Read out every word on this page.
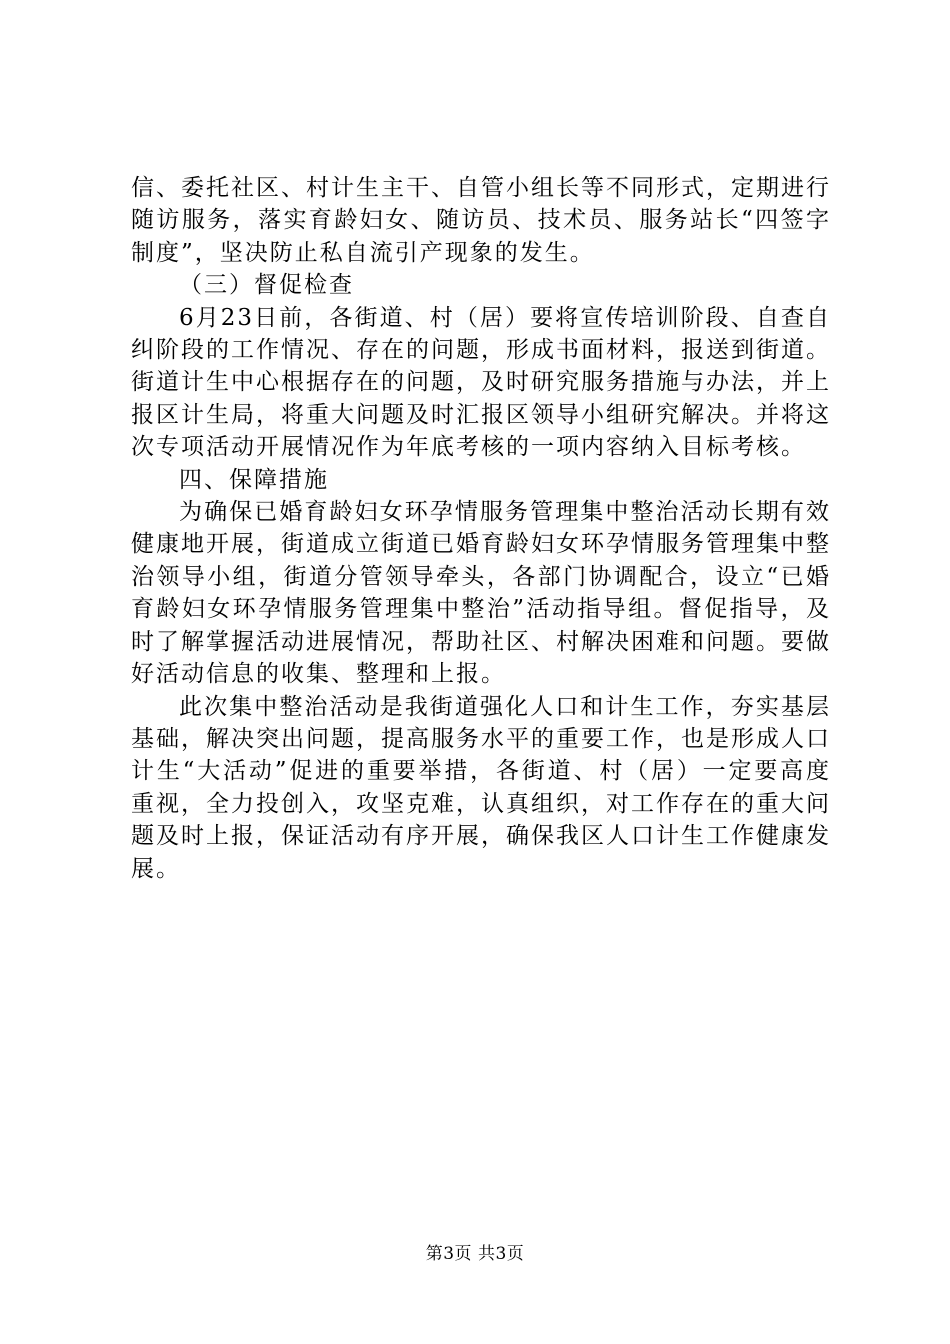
信、委托社区、村计生主干、自管小组长等不同形式，定期进行随访服务，落实育龄妇女、随访员、技术员、服务站长“四签字制度”，坚决防止私自流引产现象的发生。

（三）督促检查

6月23日前，各街道、村（居）要将宣传培训阶段、自查自纠阶段的工作情况、存在的问题，形成书面材料，报送到街道。街道计生中心根据存在的问题，及时研究服务措施与办法，并上报区计生局，将重大问题及时汇报区领导小组研究解决。并将这次专项活动开展情况作为年底考核的一项内容纳入目标考核。

四、保障措施

为确保已婚育龄妇女环孕情服务管理集中整治活动长期有效健康地开展，街道成立街道已婚育龄妇女环孕情服务管理集中整治领导小组，街道分管领导牵头，各部门协调配合，设立“已婚育龄妇女环孕情服务管理集中整治”活动指导组。督促指导，及时了解掌握活动进展情况，帮助社区、村解决困难和问题。要做好活动信息的收集、整理和上报。

此次集中整治活动是我街道强化人口和计生工作，夯实基层基础，解决突出问题，提高服务水平的重要工作，也是形成人口计生“大活动”促进的重要举措，各街道、村（居）一定要高度重视，全力投创入，攻坚克难，认真组织，对工作存在的重大问题及时上报，保证活动有序开展，确保我区人口计生工作健康发展。

第3页 共3页
